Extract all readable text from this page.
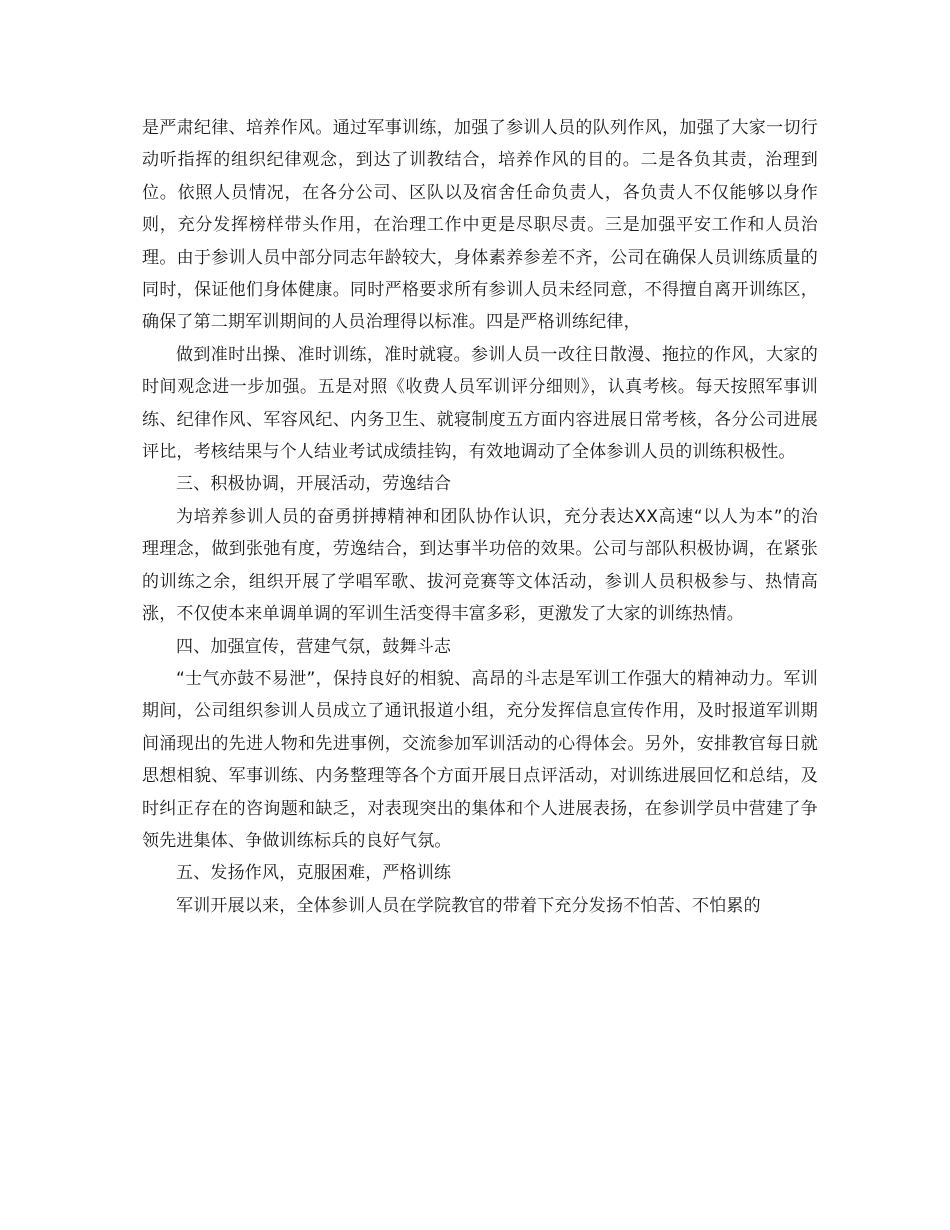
是严肃纪律、培养作风。通过军事训练，加强了参训人员的队列作风，加强了大家一切行动听指挥的组织纪律观念，到达了训教结合，培养作风的目的。二是各负其责，治理到位。依照人员情况，在各分公司、区队以及宿舍任命负责人，各负责人不仅能够以身作则，充分发挥榜样带头作用，在治理工作中更是尽职尽责。三是加强平安工作和人员治理。由于参训人员中部分同志年龄较大，身体素养参差不齐，公司在确保人员训练质量的同时，保证他们身体健康。同时严格要求所有参训人员未经同意，不得擅自离开训练区，确保了第二期军训期间的人员治理得以标准。四是严格训练纪律，

做到准时出操、准时训练，准时就寝。参训人员一改往日散漫、拖拉的作风，大家的时间观念进一步加强。五是对照《收费人员军训评分细则》，认真考核。每天按照军事训练、纪律作风、军容风纪、内务卫生、就寝制度五方面内容进展日常考核，各分公司进展评比，考核结果与个人结业考试成绩挂钩，有效地调动了全体参训人员的训练积极性。

三、积极协调，开展活动，劳逸结合

为培养参训人员的奋勇拼搏精神和团队协作认识，充分表达XX高速“以人为本”的治理理念，做到张弛有度，劳逸结合，到达事半功倍的效果。公司与部队积极协调，在紧张的训练之余，组织开展了学唱军歌、拔河竞赛等文体活动，参训人员积极参与、热情高涨，不仅使本来单调单调的军训生活变得丰富多彩，更激发了大家的训练热情。

四、加强宣传，营建气氛，鼓舞斗志

“士气亦鼓不易泄”，保持良好的相貌、高昂的斗志是军训工作强大的精神动力。军训期间，公司组织参训人员成立了通讯报道小组，充分发挥信息宣传作用，及时报道军训期间涌现出的先进人物和先进事例，交流参加军训活动的心得体会。另外，安排教官每日就思想相貌、军事训练、内务整理等各个方面开展日点评活动，对训练进展回忆和总结，及时纠正存在的咨询题和缺乏，对表现突出的集体和个人进展表扬，在参训学员中营建了争领先进集体、争做训练标兵的良好气氛。

五、发扬作风，克服困难，严格训练

军训开展以来，全体参训人员在学院教官的带着下充分发扬不怕苦、不怕累的
